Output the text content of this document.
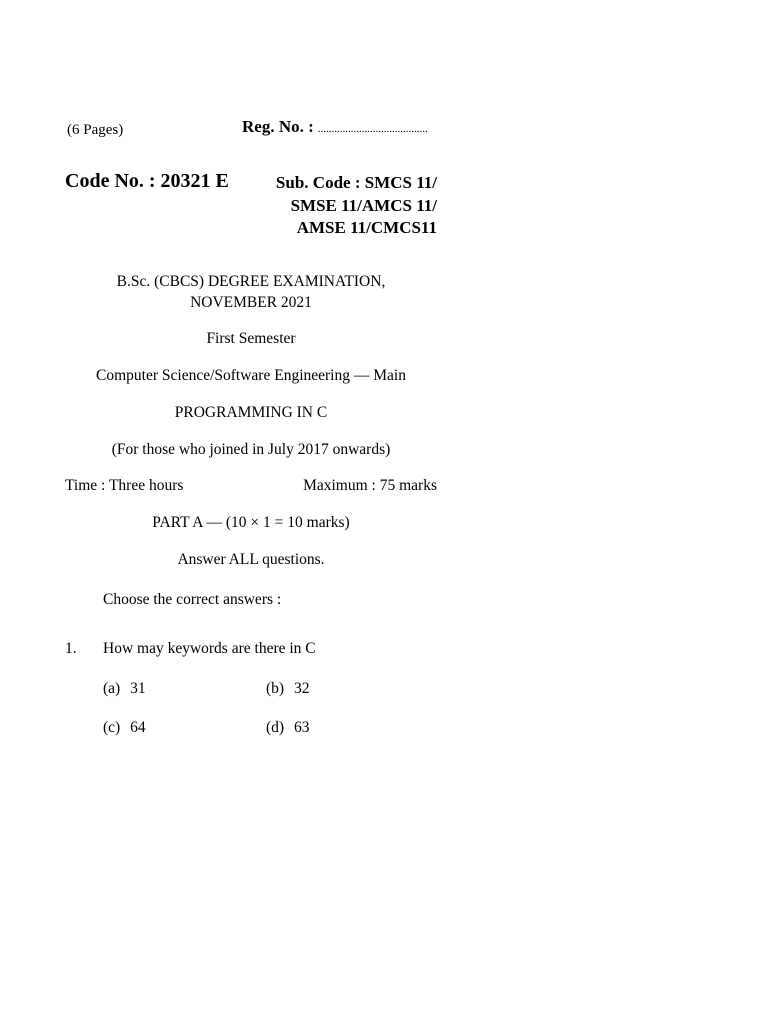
(6 Pages)	Reg. No. : ........................................
Code No. : 20321 E	Sub. Code : SMCS 11/
SMSE 11/AMCS 11/
AMSE 11/CMCS11
B.Sc. (CBCS) DEGREE EXAMINATION,
NOVEMBER 2021
First Semester
Computer Science/Software Engineering — Main
PROGRAMMING IN C
(For those who joined in July 2017 onwards)
Time : Three hours	Maximum : 75 marks
PART A — (10 × 1 = 10 marks)
Answer ALL questions.
Choose the correct answers :
1. How may keywords are there in C
(a) 31	(b) 32
(c) 64	(d) 63
